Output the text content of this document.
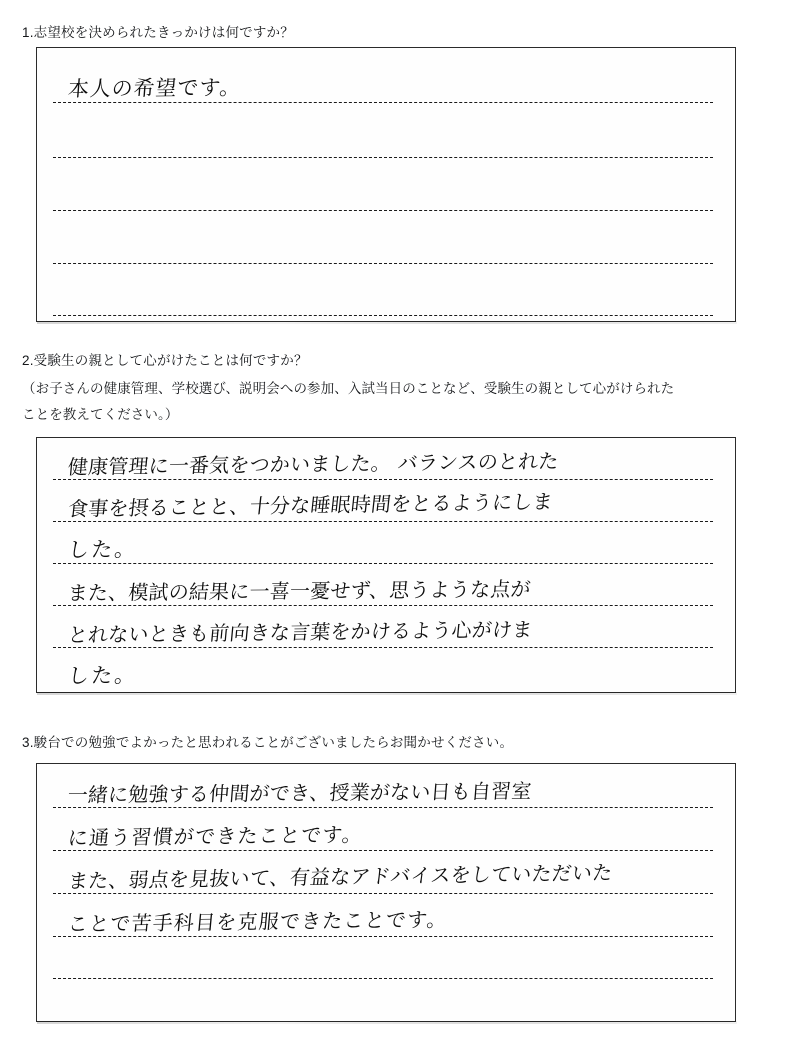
1.志望校を決められたきっかけは何ですか？
本人の希望です。
2.受験生の親として心がけたことは何ですか？
（お子さんの健康管理、学校選び、説明会への参加、入試当日のことなど、受験生の親として心がけられた
ことを教えてください。）
健康管理に一番気をつかいました。 バランスのとれた
食事を摂ることと、十分な睡眠時間をとるようにしま
した。
また、模試の結果に一喜一憂せず、思うような点が
とれないときも前向きな言葉をかけるよう心がけま
した。
3.駿台での勉強でよかったと思われることがございましたらお聞かせください。
一緒に勉強する仲間ができ、授業がない日も自習室
に通う習慣ができたことです。
また、弱点を見抜いて、有益なアドバイスをしていただいた
ことで苦手科目を克服できたことです。
